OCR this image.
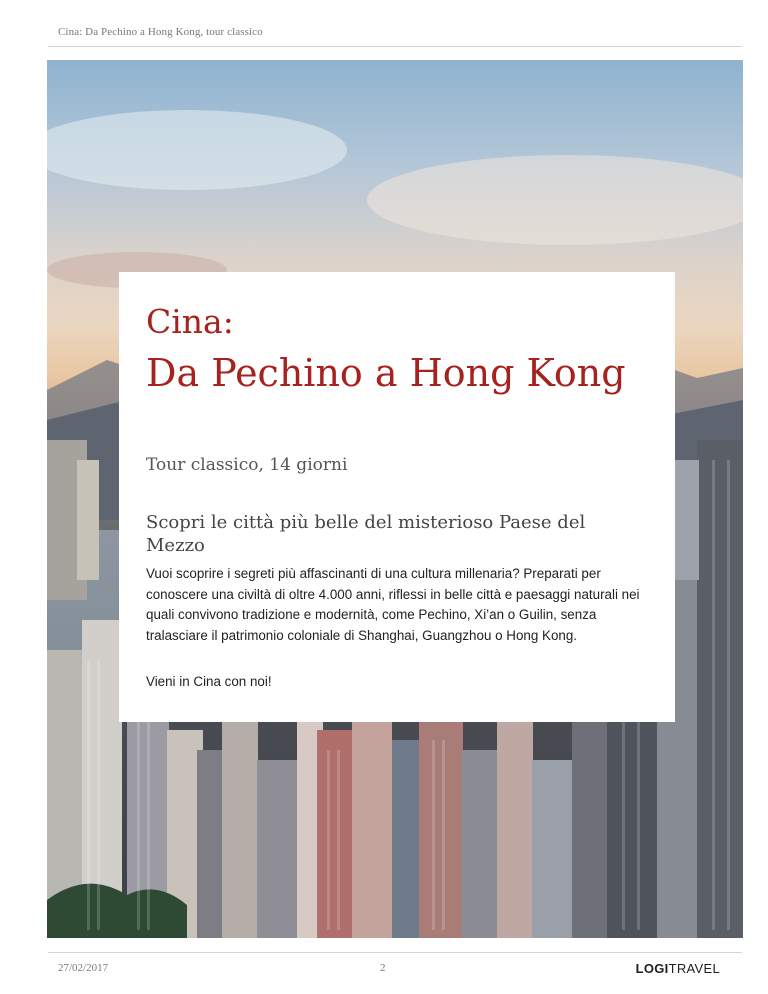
Cina: Da Pechino a Hong Kong, tour classico
Cina:
Da Pechino a Hong Kong
Tour classico, 14 giorni
Scopri le città più belle del misterioso Paese del Mezzo

Vuoi scoprire i segreti più affascinanti di una cultura millenaria? Preparati per conoscere una civiltà di oltre 4.000 anni, riflessi in belle città e paesaggi naturali nei quali convivono tradizione e modernità, come Pechino, Xi’an o Guilin, senza tralasciare il patrimonio coloniale di Shanghai, Guangzhou o Hong Kong.

Vieni in Cina con noi!

27/02/2017	2	LOGITRAVEL
